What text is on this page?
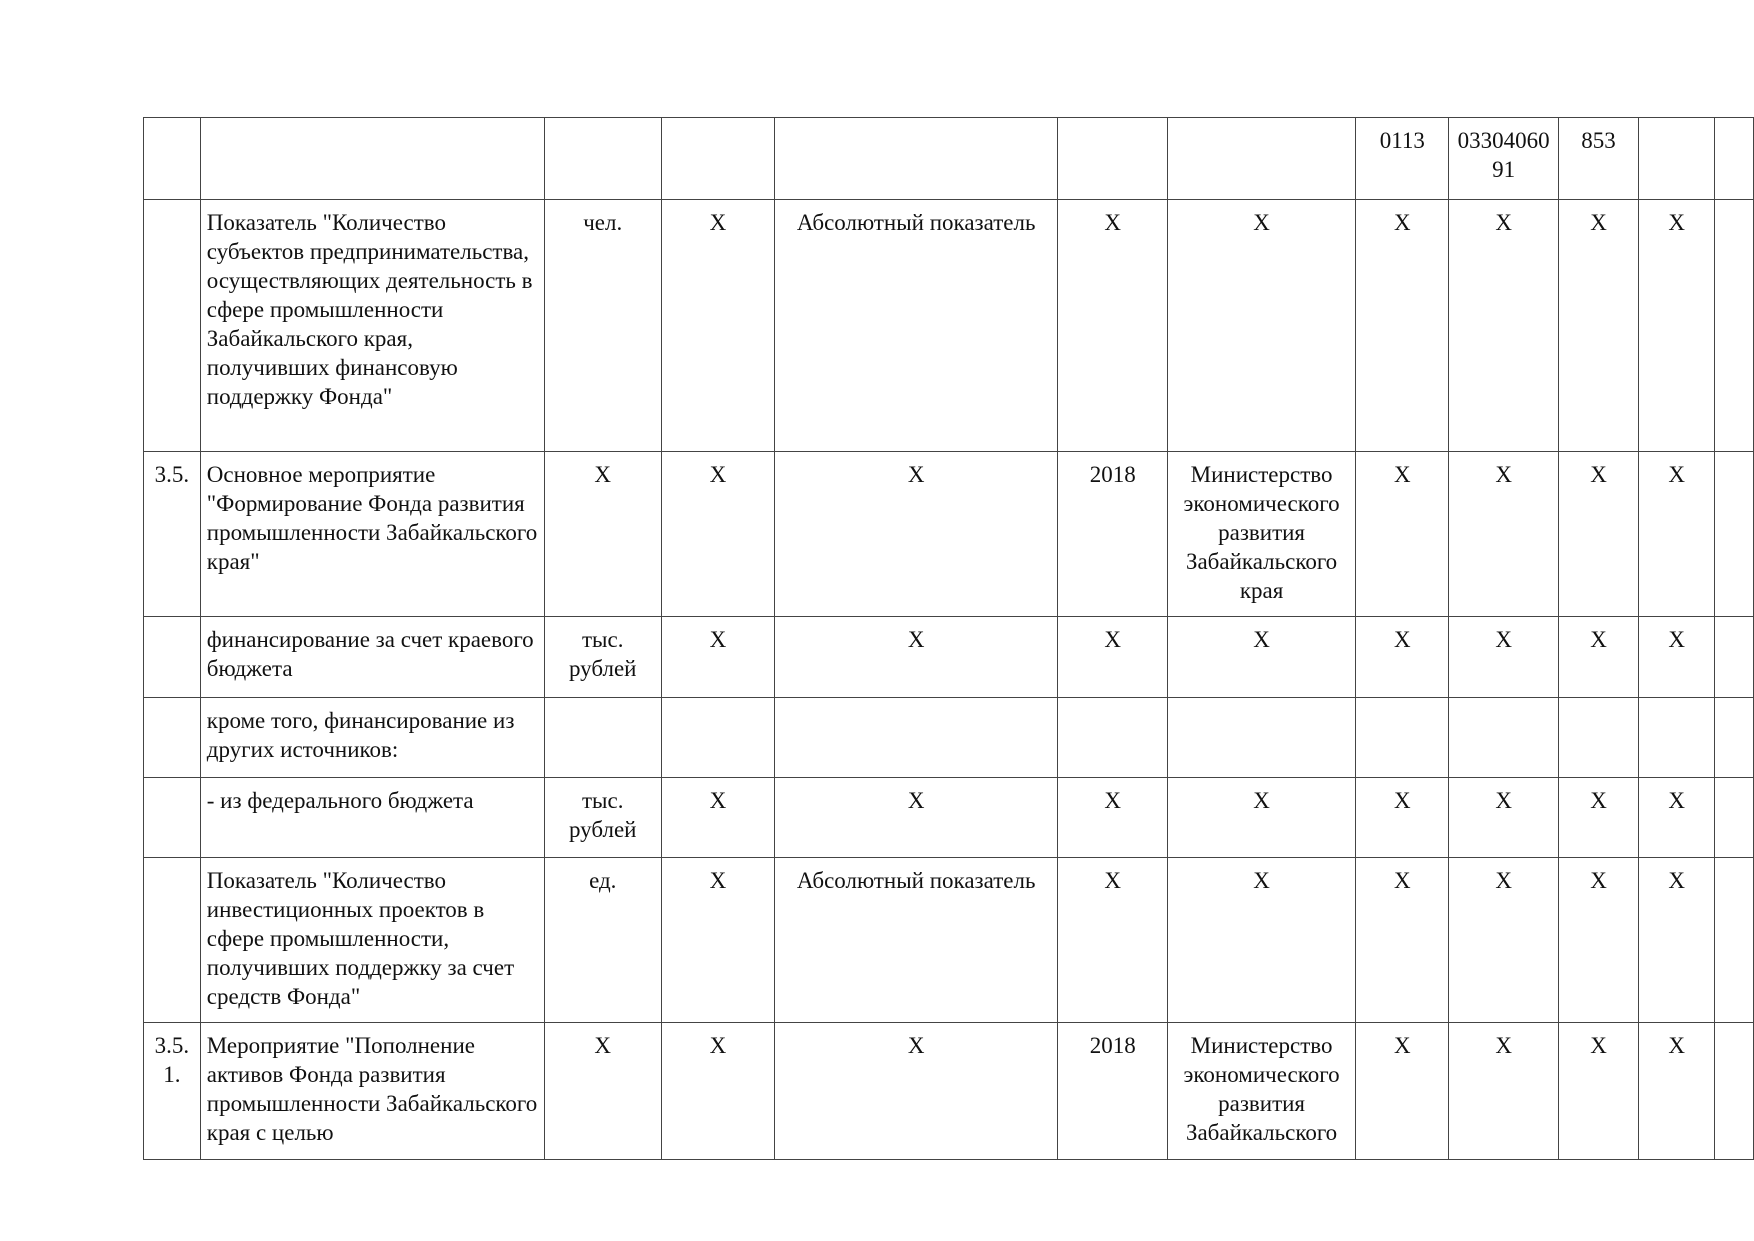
							0113	0330406091	853		
	Показатель "Количество субъектов предпринимательства, осуществляющих деятельность в сфере промышленности Забайкальского края, получивших финансовую поддержку Фонда"	чел.	X	Абсолютный показатель	X	X	X	X	X	X	
3.5.	Основное мероприятие "Формирование Фонда развития промышленности Забайкальского края"	X	X	X	2018	Министерство экономического развития Забайкальского края	X	X	X	X	
	финансирование за счет краевого бюджета	тыс. рублей	X	X	X	X	X	X	X	X	
	кроме того, финансирование из других источников:										
	- из федерального бюджета	тыс. рублей	X	X	X	X	X	X	X	X	
	Показатель "Количество инвестиционных проектов в сфере промышленности, получивших поддержку за счет средств Фонда"	ед.	X	Абсолютный показатель	X	X	X	X	X	X	
3.5.1.	Мероприятие "Пополнение активов Фонда развития промышленности Забайкальского края с целью	X	X	X	2018	Министерство экономического развития Забайкальского	X	X	X	X	
